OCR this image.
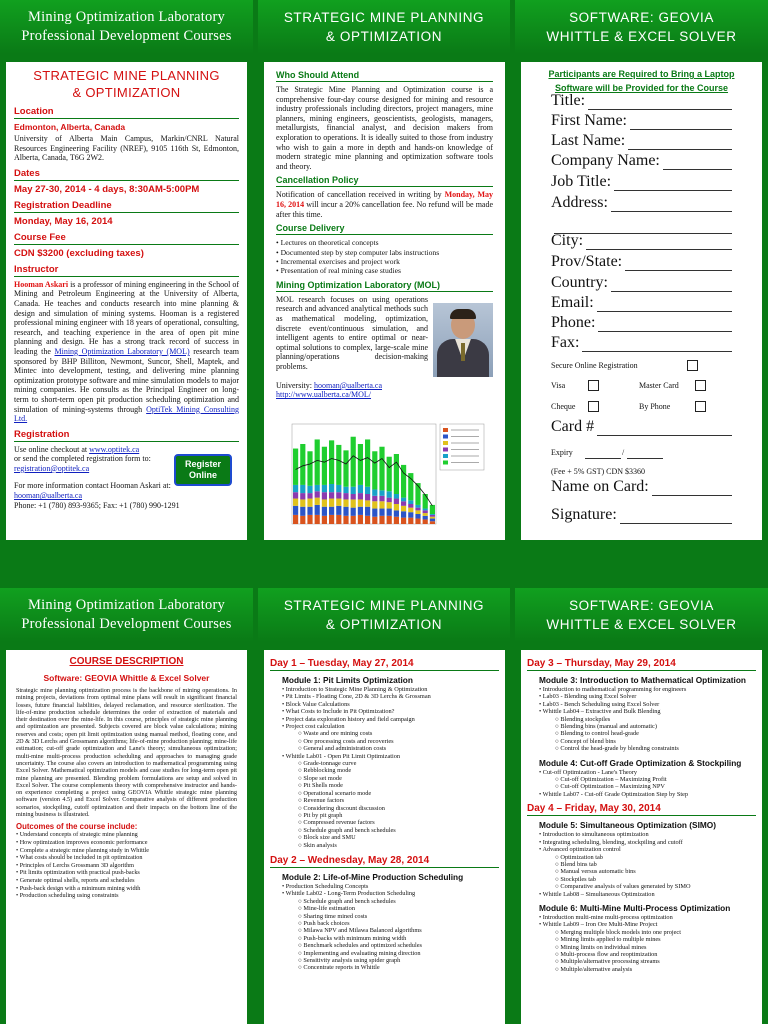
Mining Optimization Laboratory
Professional Development Courses
STRATEGIC MINE PLANNING
& OPTIMIZATION
SOFTWARE: GEOVIA
WHITTLE & EXCEL SOLVER
STRATEGIC MINE PLANNING
& OPTIMIZATION
Location
Edmonton, Alberta, Canada
University of Alberta Main Campus, Markin/CNRL Natural Resources Engineering Facility (NREF), 9105 116th St, Edmonton, Alberta, Canada, T6G 2W2.
Dates
May 27-30, 2014 - 4 days, 8:30AM-5:00PM
Registration Deadline
Monday, May 16, 2014
Course Fee
CDN $3200 (excluding taxes)
Instructor
Hooman Askari is a professor of mining engineering in the School of Mining and Petroleum Engineering at the University of Alberta, Canada. He teaches and conducts research into mine planning & design and simulation of mining systems. Hooman is a registered professional mining engineer with 18 years of operational, consulting, research, and teaching experience in the area of open pit mine planning and design. He has a strong track record of success in leading the Mining Optimization Laboratory (MOL) research team sponsored by BHP Billiton, Newmont, Suncor, Shell, Maptek, and Mintec into development, testing, and delivering mine planning optimization prototype software and mine simulation models to major mining companies. He consults as the Principal Engineer on long-term to short-term open pit production scheduling optimization and simulation of mining-systems through OptiTek Mining Consulting Ltd.
Registration
Use online checkout at www.optitek.ca
or send the completed registration form to: registration@optitek.ca	Register Online
For more information contact Hooman Askari at:
hooman@ualberta.ca
Phone: +1 (780) 893-9365; Fax: +1 (780) 990-1291
Who Should Attend
The Strategic Mine Planning and Optimization course is a comprehensive four-day course designed for mining and resource industry professionals including directors, project managers, mine planners, mining engineers, geoscientists, geologists, managers, metallurgists, financial analyst, and decision makers from exploration to operations. It is ideally suited to those from industry who wish to gain a more in depth and hands-on knowledge of modern strategic mine planning and optimization software tools and theory.
Cancellation Policy
Notification of cancellation received in writing by Monday, May 16, 2014 will incur a 20% cancellation fee. No refund will be made after this time.
Course Delivery
• Lectures on theoretical concepts
• Documented step by step computer labs instructions
• Incremental exercises and project work
• Presentation of real mining case studies
Mining Optimization Laboratory (MOL)
MOL research focuses on using operations research and advanced analytical methods such as mathematical modeling, optimization, discrete event/continuous simulation, and intelligent agents to entire optimal or near-optimal solutions to complex, large-scale mine planning/operations decision-making problems.
University: hooman@ualberta.ca
http://www.ualberta.ca/MOL/
Participants are Required to Bring a Laptop
Software will be Provided for the Course
Title:
First Name:
Last Name:
Company Name:
Job Title:
Address:
City:
Prov/State:
Country:
Email:
Phone:
Fax:
Secure Online Registration
Visa	Master Card
Cheque	By Phone
Card #
Expiry	/
(Fee + 5% GST) CDN $3360
Name on Card:
Signature:
Mining Optimization Laboratory
Professional Development Courses
STRATEGIC MINE PLANNING
& OPTIMIZATION
SOFTWARE: GEOVIA
WHITTLE & EXCEL SOLVER
COURSE DESCRIPTION
Software: GEOVIA Whittle & Excel Solver
Strategic mine planning optimization process is the backbone of mining operations. In mining projects, deviations from optimal mine plans will result in significant financial losses, future financial liabilities, delayed reclamation, and resource sterilization. The life-of-mine production schedule determines the order of extraction of materials and their destination over the mine-life. In this course, principles of strategic mine planning and optimization are presented. Subjects covered are block value calculations; mining reserves and costs; open pit limit optimization using manual method, floating cone, and 2D & 3D Lerchs and Grossmann algorithms; life-of-mine production planning; mine-life estimation; cut-off grade optimization and Lane's theory; simultaneous optimization; multi-mine multi-process production scheduling and approaches to managing grade uncertainty. The course also covers an introduction to mathematical programming using Excel Solver. Mathematical optimization models and case studies for long-term open pit mine planning are presented. Blending problem formulations are setup and solved in Excel Solver. The course complements theory with comprehensive instructor and hands-on experience completing a project using GEOVIA Whittle strategic mine planning software (version 4.5) and Excel Solver. Comparative analysis of different production scenarios, stockpiling, cutoff optimization and their impacts on the bottom line of the mining business is illustrated.
Outcomes of the course include:
• Understand concepts of strategic mine planning
• How optimization improves economic performance
• Complete a strategic mine planning study in Whittle
• What costs should be included in pit optimization
• Principles of Lerchs Grossmann 3D algorithm
• Pit limits optimization with practical push-backs
• Generate optimal shells, reports and schedules
• Push-back design with a minimum mining width
• Production scheduling using constraints
Day 1 – Tuesday, May 27, 2014
Module 1: Pit Limits Optimization
• Introduction to Strategic Mine Planning & Optimization
• Pit Limits - Floating Cone, 2D & 3D Lerchs & Grossman
• Block Value Calculations
• What Costs to Include in Pit Optimization?
• Project data exploration history and field campaign
• Project cost calculation
○ Waste and ore mining costs
○ Ore processing costs and recoveries
○ General and administration costs
• Whittle Lab01 - Open Pit Limit Optimization
○ Grade-tonnage curve
○ Rebblocking mode
○ Slope set mode
○ Pit Shells mode
○ Operational scenario mode
○ Revenue factors
○ Considering discount discussion
○ Pit by pit graph
○ Compressed revenue factors
○ Schedule graph and bench schedules
○ Block size and SMU
○ Skin analysis
Day 2 – Wednesday, May 28, 2014
Module 2: Life-of-Mine Production Scheduling
• Production Scheduling Concepts
• Whittle Lab02 - Long-Term Production Scheduling
○ Schedule graph and bench schedules
○ Mine-life estimation
○ Sharing time mined costs
○ Push back choices
○ Milawa NPV and Milawa Balanced algorithms
○ Push-backs with minimum mining width
○ Benchmark schedules and optimized schedules
○ Implementing and evaluating mining direction
○ Sensitivity analysis using spider graph
○ Concentrate reports in Whittle
Day 3 – Thursday, May 29, 2014
Module 3: Introduction to Mathematical Optimization
• Introduction to mathematical programming for engineers
• Lab03 - Blending using Excel Solver
• Lab03 - Bench Scheduling using Excel Solver
• Whittle Lab04 – Extractive and Bulk Blending
○ Blending stockpiles
○ Blending bins (manual and automatic)
○ Blending to control head-grade
○ Concept of blend bins
○ Control the head-grade by blending constraints
Module 4: Cut-off Grade Optimization & Stockpiling
• Cut-off Optimization - Lane's Theory
○ Cut-off Optimization – Maximizing Profit
○ Cut-off Optimization – Maximizing NPV
• Whittle Lab07 - Cut-off Grade Optimization Step by Step
Day 4 – Friday, May 30, 2014
Module 5: Simultaneous Optimization (SIMO)
• Introduction to simultaneous optimization
• Integrating scheduling, blending, stockpiling and cutoff
• Advanced optimization control
○ Optimization tab
○ Blend bins tab
○ Manual versus automatic bins
○ Stockpiles tab
○ Comparative analysis of values generated by SIMO
• Whittle Lab08 – Simultaneous Optimization
Module 6: Multi-Mine Multi-Process Optimization
• Introduction multi-mine multi-process optimization
• Whittle Lab09 – Iron Ore Multi-Mine Project
○ Merging multiple block models into one project
○ Mining limits applied to multiple mines
○ Mining limits on individual mines
○ Multi-process flow and reoptimization
○ Multiple/alternative processing streams
○ Multiple/alternative analysis
